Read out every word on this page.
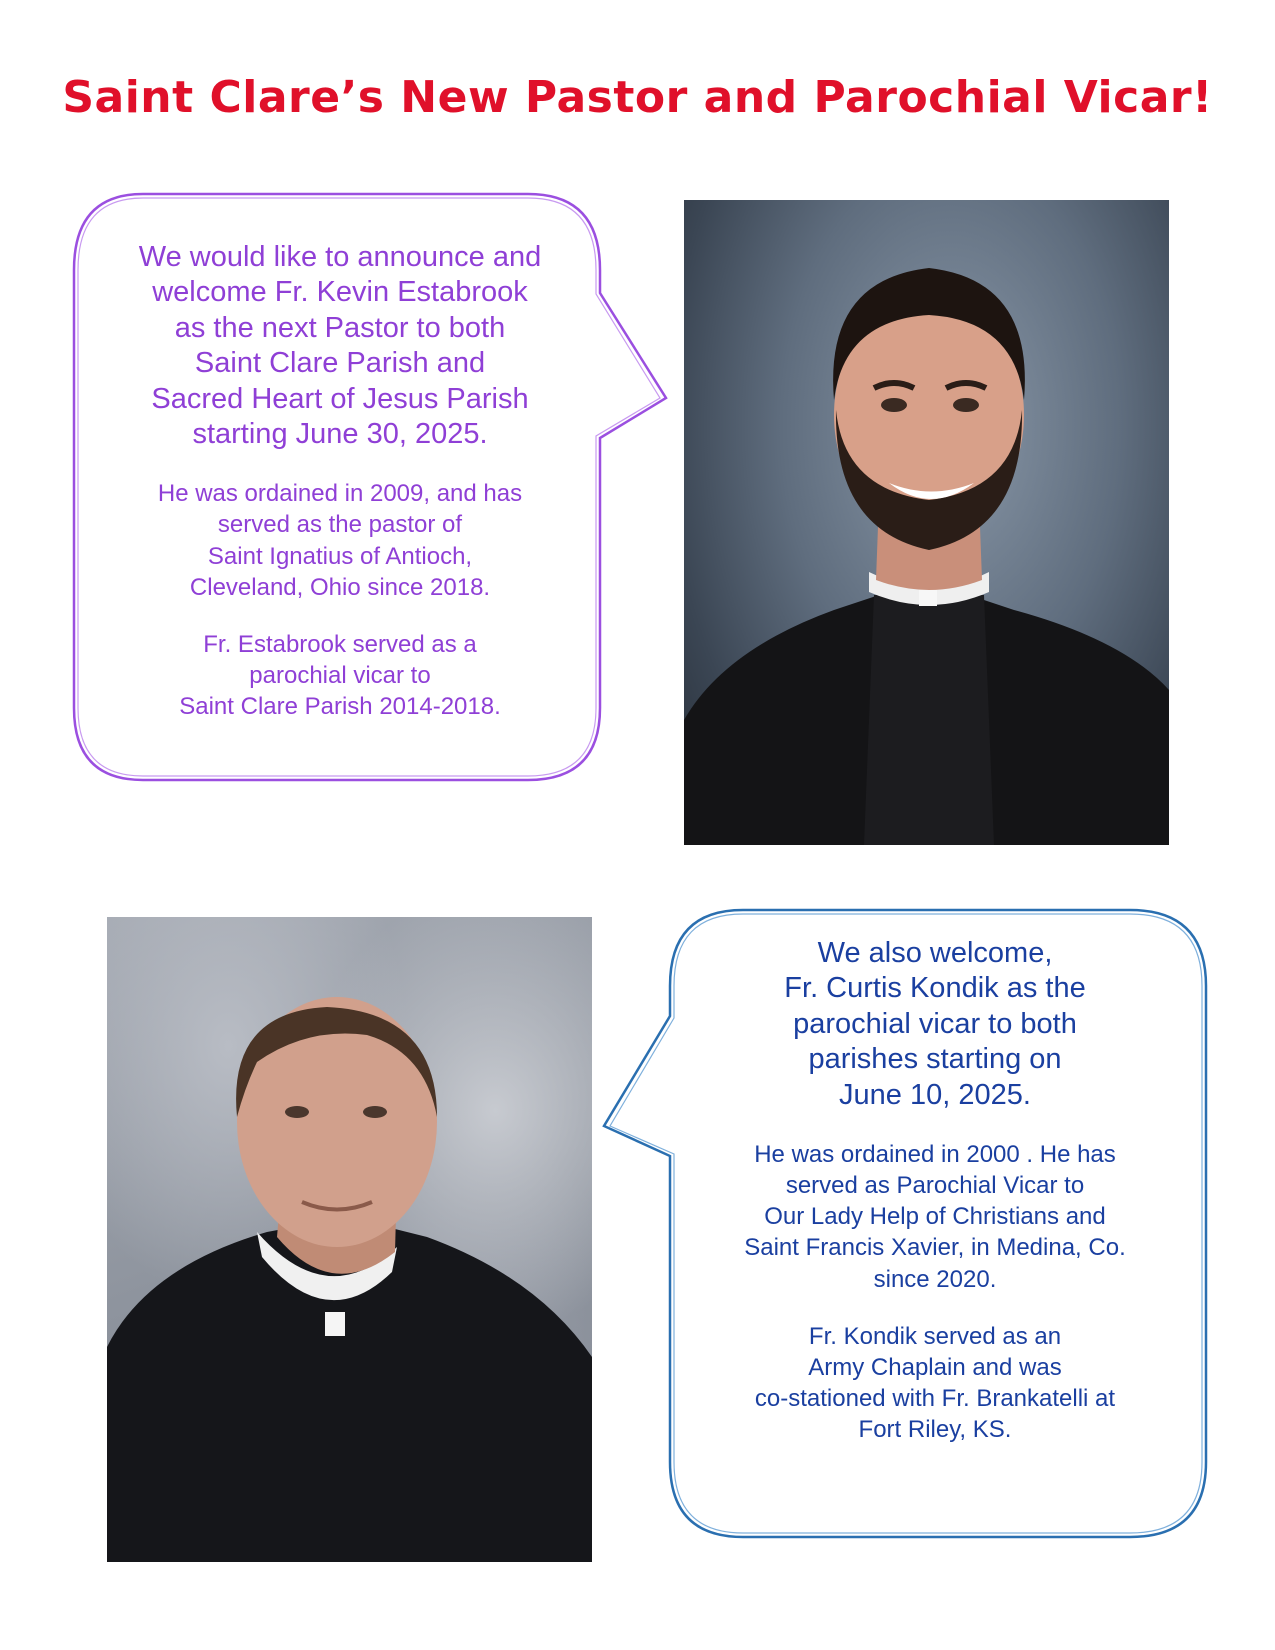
Saint Clare’s New Pastor and Parochial Vicar!

We would like to announce and
welcome Fr. Kevin Estabrook
as the next Pastor to both
Saint Clare Parish and
Sacred Heart of Jesus Parish
starting June 30, 2025.

He was ordained in 2009, and has
served as the pastor of
Saint Ignatius of Antioch,
Cleveland, Ohio since 2018.

Fr. Estabrook served as a
parochial vicar to
Saint Clare Parish 2014-2018.

We also welcome,
Fr. Curtis Kondik as the
parochial vicar to both
parishes starting on
June 10, 2025.

He was ordained in 2000 . He has
served as Parochial Vicar to
Our Lady Help of Christians and
Saint Francis Xavier, in Medina, Co.
since 2020.

Fr. Kondik served as an
Army Chaplain and was
co-stationed with Fr. Brankatelli at
Fort Riley, KS.
